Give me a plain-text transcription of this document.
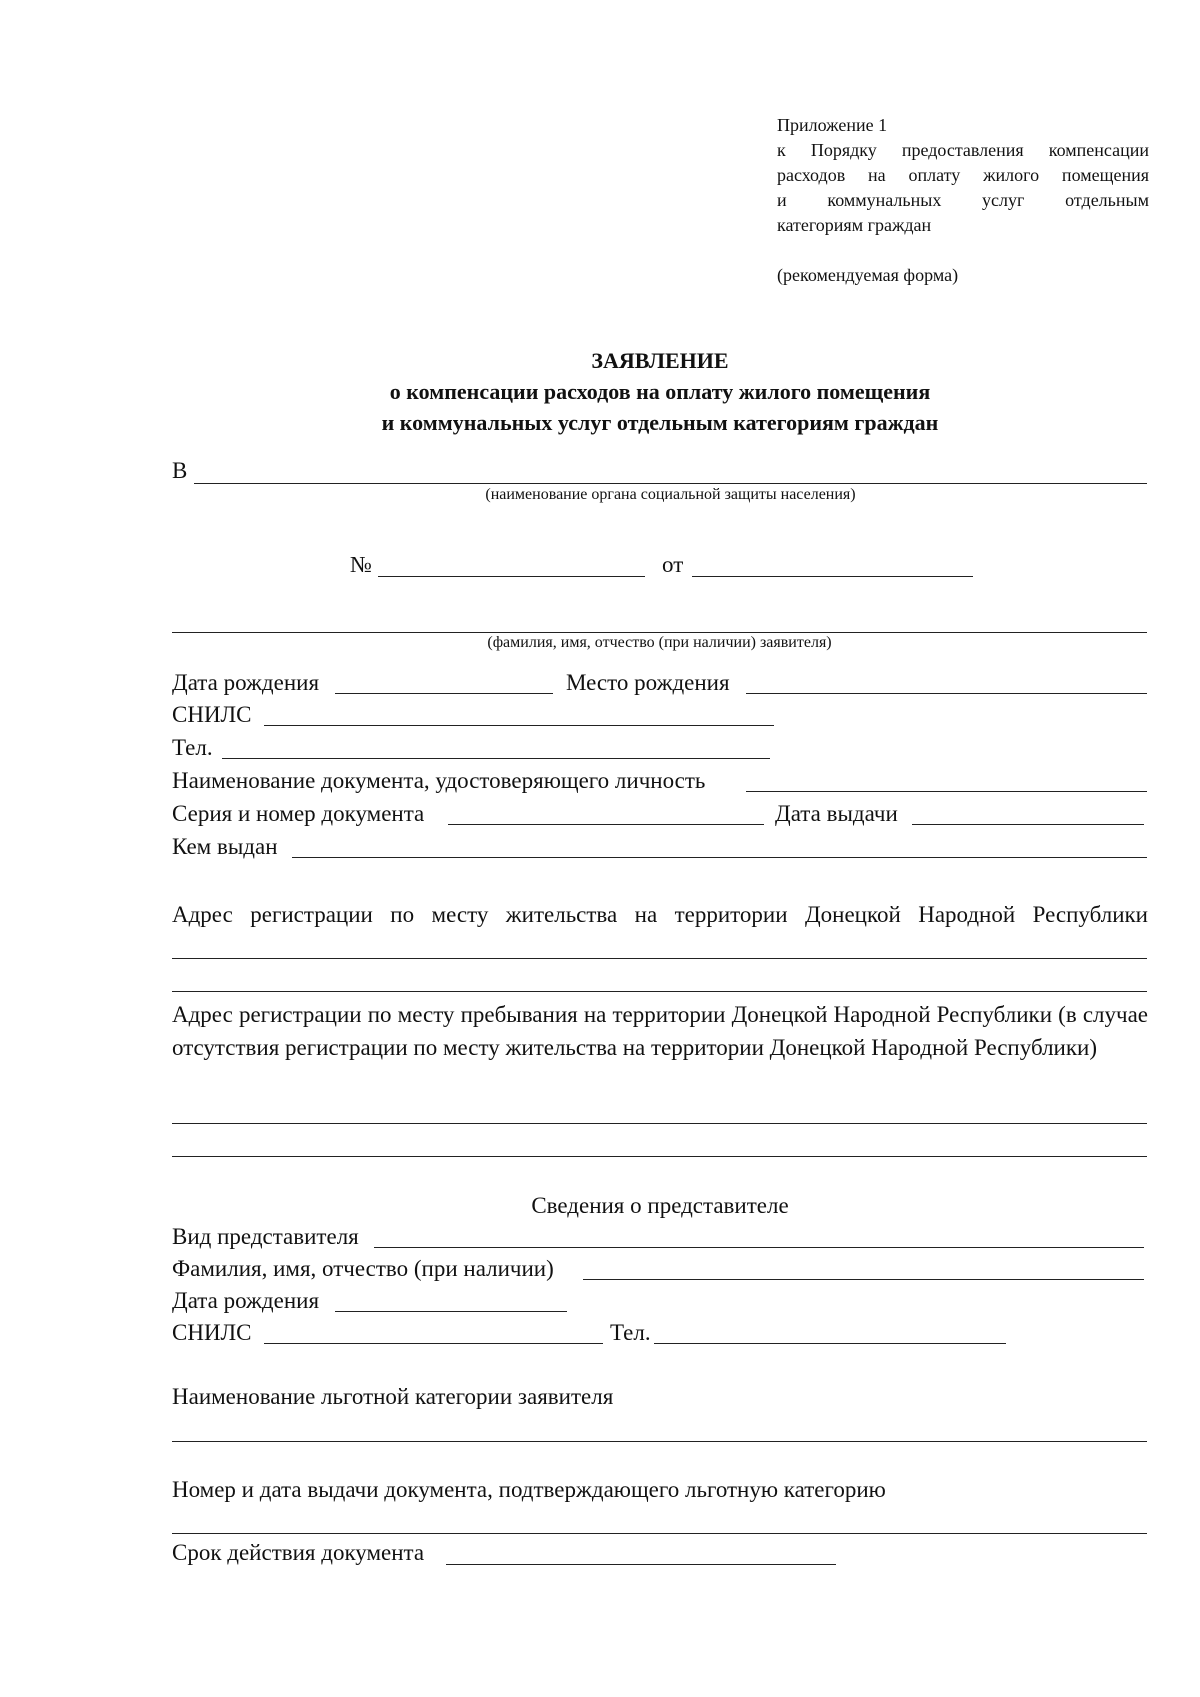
Приложение 1
к Порядку предоставления компенсации
расходов на оплату жилого помещения
и коммунальных услуг отдельным
категориям граждан
(рекомендуемая форма)
ЗАЯВЛЕНИЕ
о компенсации расходов на оплату жилого помещения
и коммунальных услуг отдельным категориям граждан
В
(наименование органа социальной защиты населения)
№	от
(фамилия, имя, отчество (при наличии) заявителя)
Дата рождения	Место рождения
СНИЛС
Тел.
Наименование документа, удостоверяющего личность
Серия и номер документа	Дата выдачи
Кем выдан
Адрес регистрации по месту жительства на территории Донецкой Народной Республики
Адрес регистрации по месту пребывания на территории Донецкой Народной Республики (в случае отсутствия регистрации по месту жительства на территории Донецкой Народной Республики)
Сведения о представителе
Вид представителя
Фамилия, имя, отчество (при наличии)
Дата рождения
СНИЛС	Тел.
Наименование льготной категории заявителя
Номер и дата выдачи документа, подтверждающего льготную категорию
Срок действия документа
